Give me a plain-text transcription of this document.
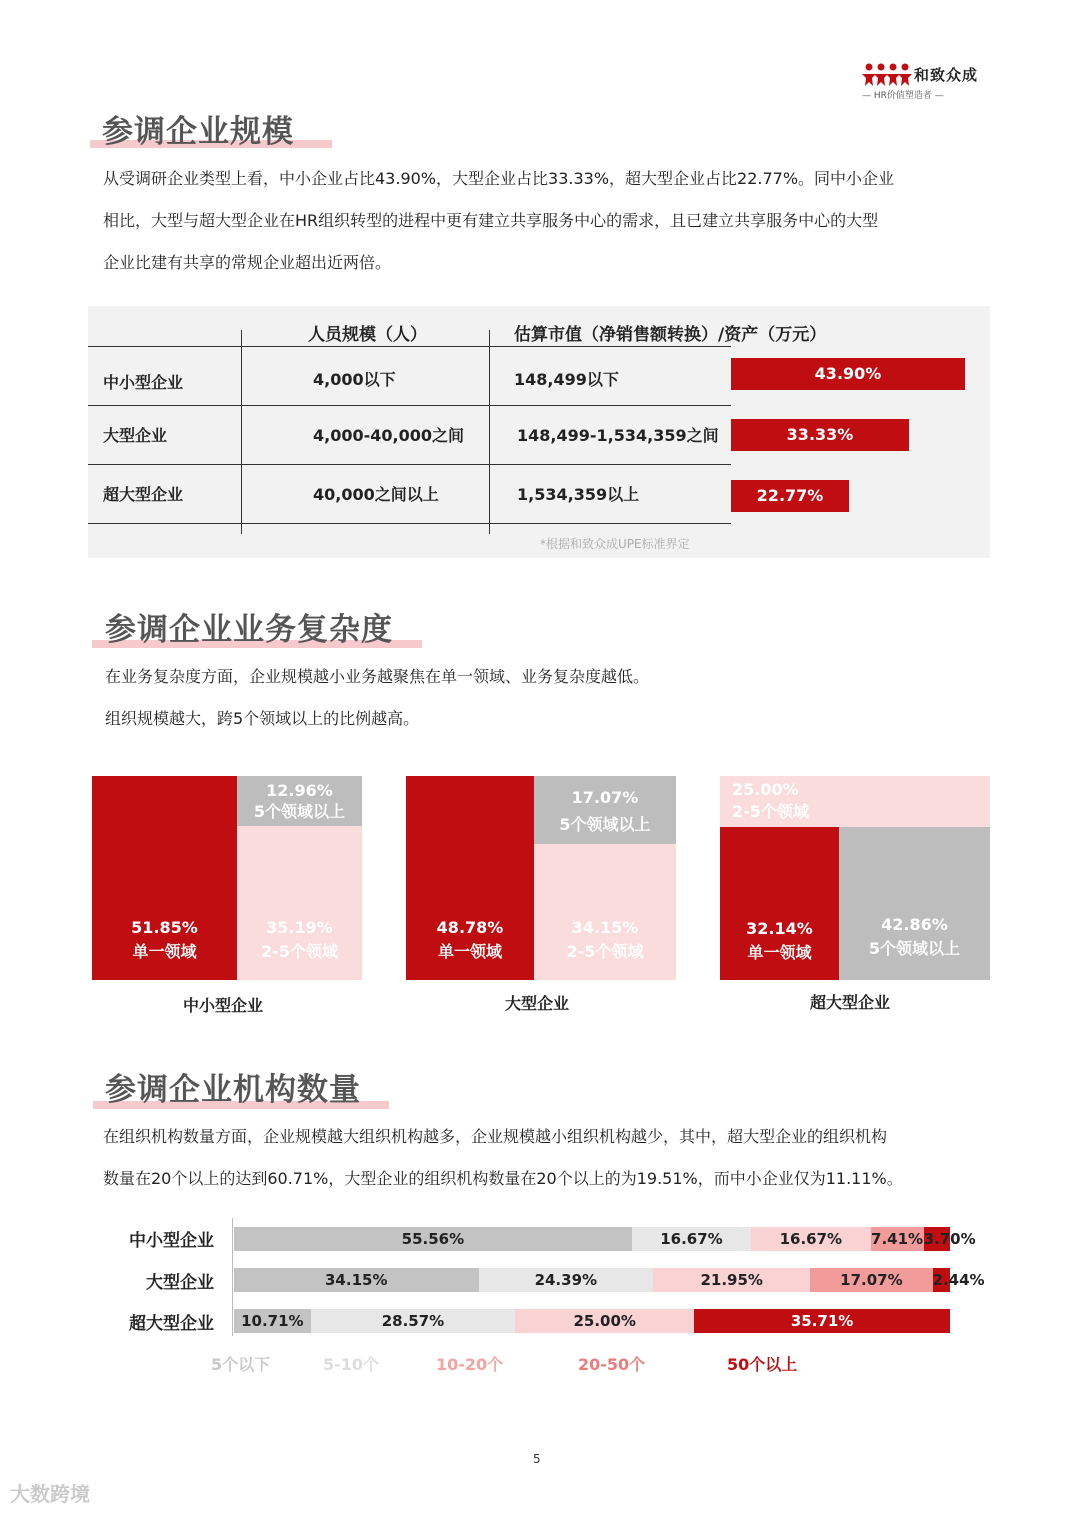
和致众成
— HR价值塑造者 —
参调企业规模
从受调研企业类型上看，中小企业占比43.90%，大型企业占比33.33%，超大型企业占比22.77%。同中小企业
相比，大型与超大型企业在HR组织转型的进程中更有建立共享服务中心的需求，且已建立共享服务中心的大型
企业比建有共享的常规企业超出近两倍。
人员规模（人）	估算市值（净销售额转换）/资产（万元）
中小型企业	4,000以下	148,499以下
大型企业	4,000-40,000之间	148,499-1,534,359之间
超大型企业	40,000之间以上	1,534,359以上
43.90%
33.33%
22.77%
*根据和致众成UPE标准界定
参调企业业务复杂度
在业务复杂度方面，企业规模越小业务越聚焦在单一领域、业务复杂度越低。
组织规模越大，跨5个领域以上的比例越高。
51.85%
单一领域
12.96%
5个领域以上
35.19%
2-5个领域
中小型企业
48.78%
单一领域
17.07%
5个领域以上
34.15%
2-5个领域
大型企业
25.00%
2-5个领域
32.14%
单一领域
42.86%
5个领域以上
超大型企业
参调企业机构数量
在组织机构数量方面，企业规模越大组织机构越多，企业规模越小组织机构越少，其中，超大型企业的组织机构
数量在20个以上的达到60.71%，大型企业的组织机构数量在20个以上的为19.51%，而中小企业仅为11.11%。
中小型企业	55.56%	16.67%	16.67%	7.41% 3.70%
大型企业	34.15%	24.39%	21.95%	17.07%	2.44%
超大型企业	10.71%	28.57%	25.00%	35.71%
5个以下	5-10个	10-20个	20-50个	50个以上
5
大数跨境
